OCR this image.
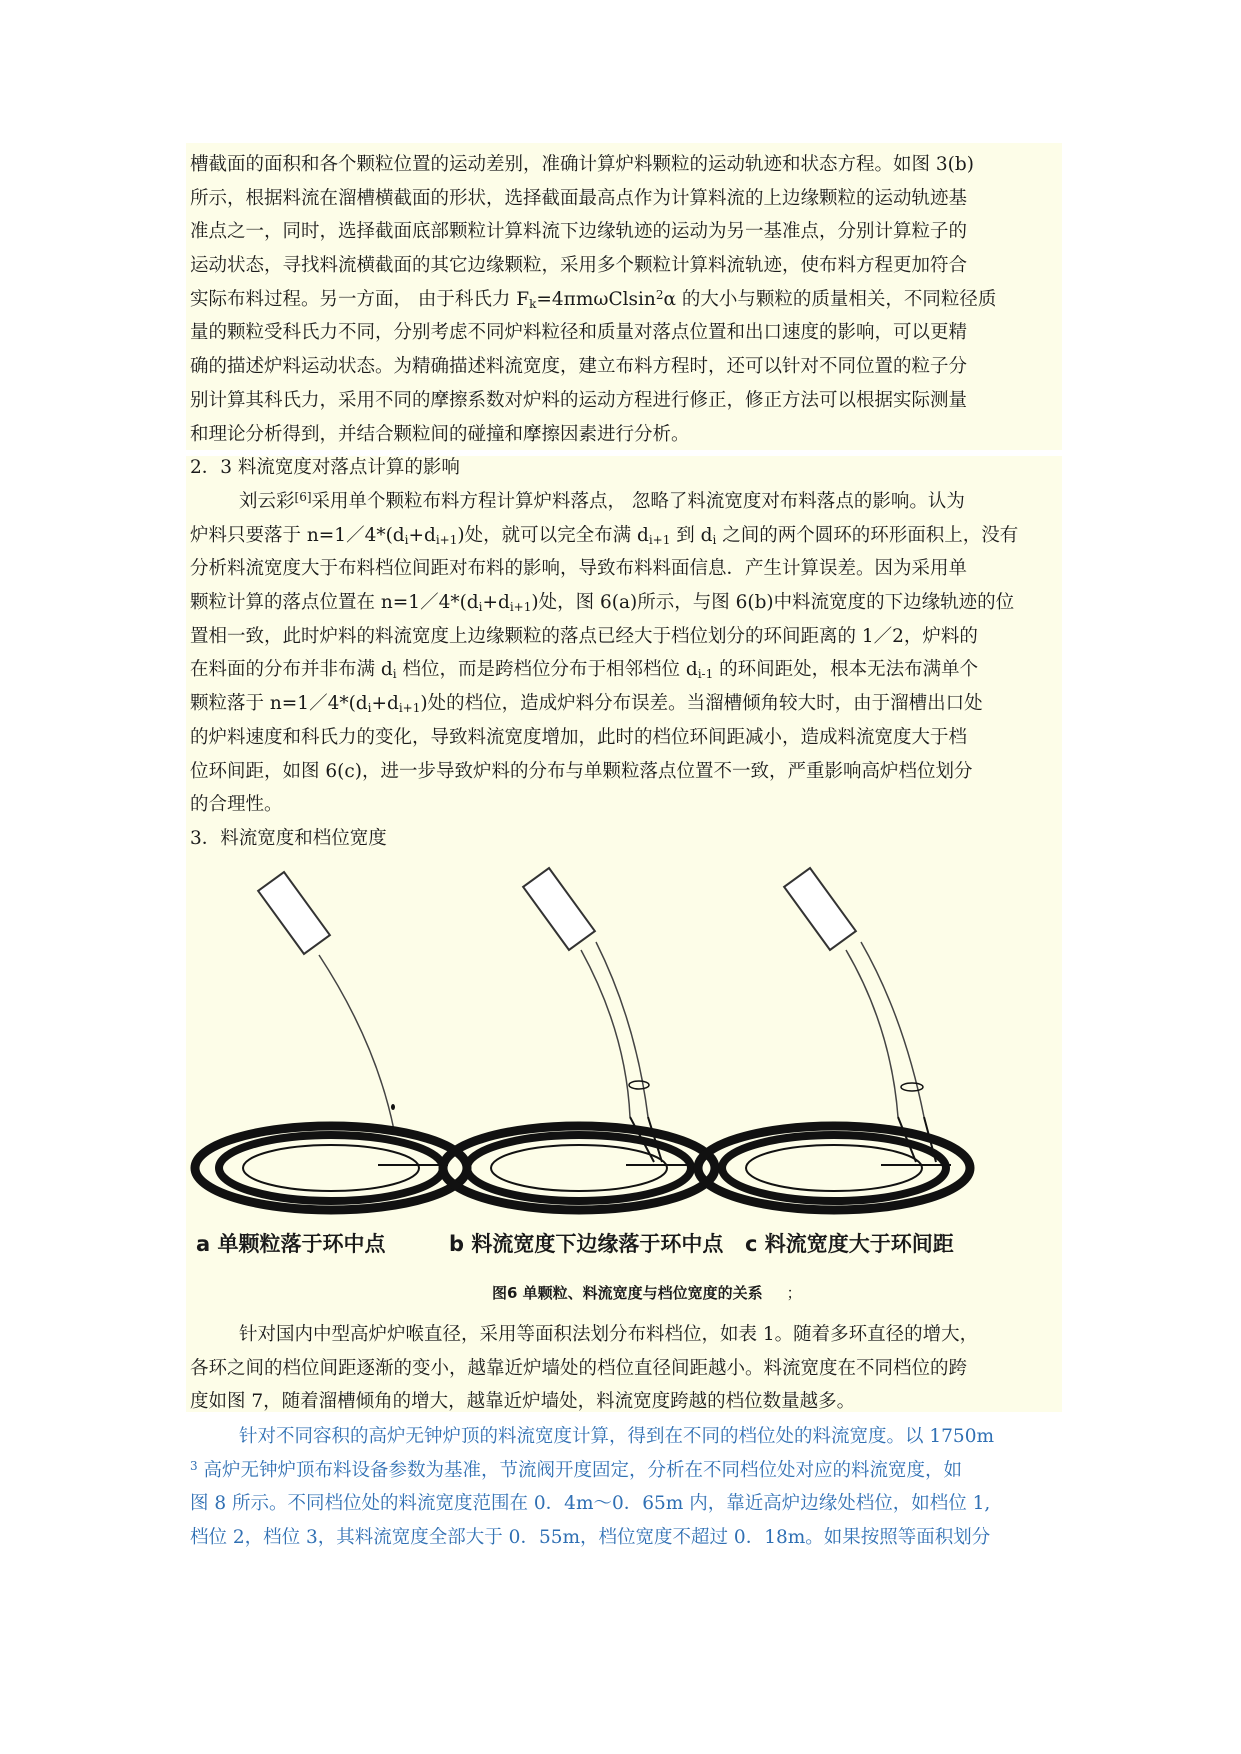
槽截面的面积和各个颗粒位置的运动差别，准确计算炉料颗粒的运动轨迹和状态方程。如图 3(b)
所示，根据料流在溜槽横截面的形状，选择截面最高点作为计算料流的上边缘颗粒的运动轨迹基
准点之一，同时，选择截面底部颗粒计算料流下边缘轨迹的运动为另一基准点，分别计算粒子的
运动状态，寻找料流横截面的其它边缘颗粒，采用多个颗粒计算料流轨迹，使布料方程更加符合
实际布料过程。另一方面， 由于科氏力 $F_k=4\pi m\omega Clsin^2\alpha$ 的大小与颗粒的质量相关，不同粒径质
量的颗粒受科氏力不同，分别考虑不同炉料粒径和质量对落点位置和出口速度的影响，可以更精
确的描述炉料运动状态。为精确描述料流宽度，建立布料方程时，还可以针对不同位置的粒子分
别计算其科氏力，采用不同的摩擦系数对炉料的运动方程进行修正，修正方法可以根据实际测量
和理论分析得到，并结合颗粒间的碰撞和摩擦因素进行分析。
2．3 料流宽度对落点计算的影响
刘云彩[6]采用单个颗粒布料方程计算炉料落点， 忽略了料流宽度对布料落点的影响。认为
炉料只要落于 $n=1/4*(d_i+d_{i+1})$处，就可以完全布满 $d_{i+1}$ 到 $d_i$ 之间的两个圆环的环形面积上，没有
分析料流宽度大于布料档位间距对布料的影响，导致布料料面信息．产生计算误差。因为采用单
颗粒计算的落点位置在 $n=1/4*(d_i+d_{i+1})$处，图 6(a)所示，与图 6(b)中料流宽度的下边缘轨迹的位
置相一致，此时炉料的料流宽度上边缘颗粒的落点已经大于档位划分的环间距离的 1／2，炉料的
在料面的分布并非布满 $d_i$ 档位，而是跨档位分布于相邻档位 $d_{i-1}$ 的环间距处，根本无法布满单个
颗粒落于 $n=1/4*(d_i+d_{i+1})$处的档位，造成炉料分布误差。当溜槽倾角较大时，由于溜槽出口处
的炉料速度和科氏力的变化，导致料流宽度增加，此时的档位环间距减小，造成料流宽度大于档
位环间距，如图 6(c)，进一步导致炉料的分布与单颗粒落点位置不一致，严重影响高炉档位划分
的合理性。
3．料流宽度和档位宽度
a 单颗粒落于环中点	b 料流宽度下边缘落于环中点 c 料流宽度大于环间距
图6 单颗粒、料流宽度与档位宽度的关系 ；
针对国内中型高炉炉喉直径，采用等面积法划分布料档位，如表 1。随着多环直径的增大，
各环之间的档位间距逐渐的变小，越靠近炉墙处的档位直径间距越小。料流宽度在不同档位的跨
度如图 7，随着溜槽倾角的增大，越靠近炉墙处，料流宽度跨越的档位数量越多。
针对不同容积的高炉无钟炉顶的料流宽度计算，得到在不同的档位处的料流宽度。以 1750m
$^3$ 高炉无钟炉顶布料设备参数为基准，节流阀开度固定，分析在不同档位处对应的料流宽度，如
图 8 所示。不同档位处的料流宽度范围在 0．4m～0．65m 内，靠近高炉边缘处档位，如档位 1,
档位 2，档位 3，其料流宽度全部大于 0．55m，档位宽度不超过 0．18m。如果按照等面积划分
